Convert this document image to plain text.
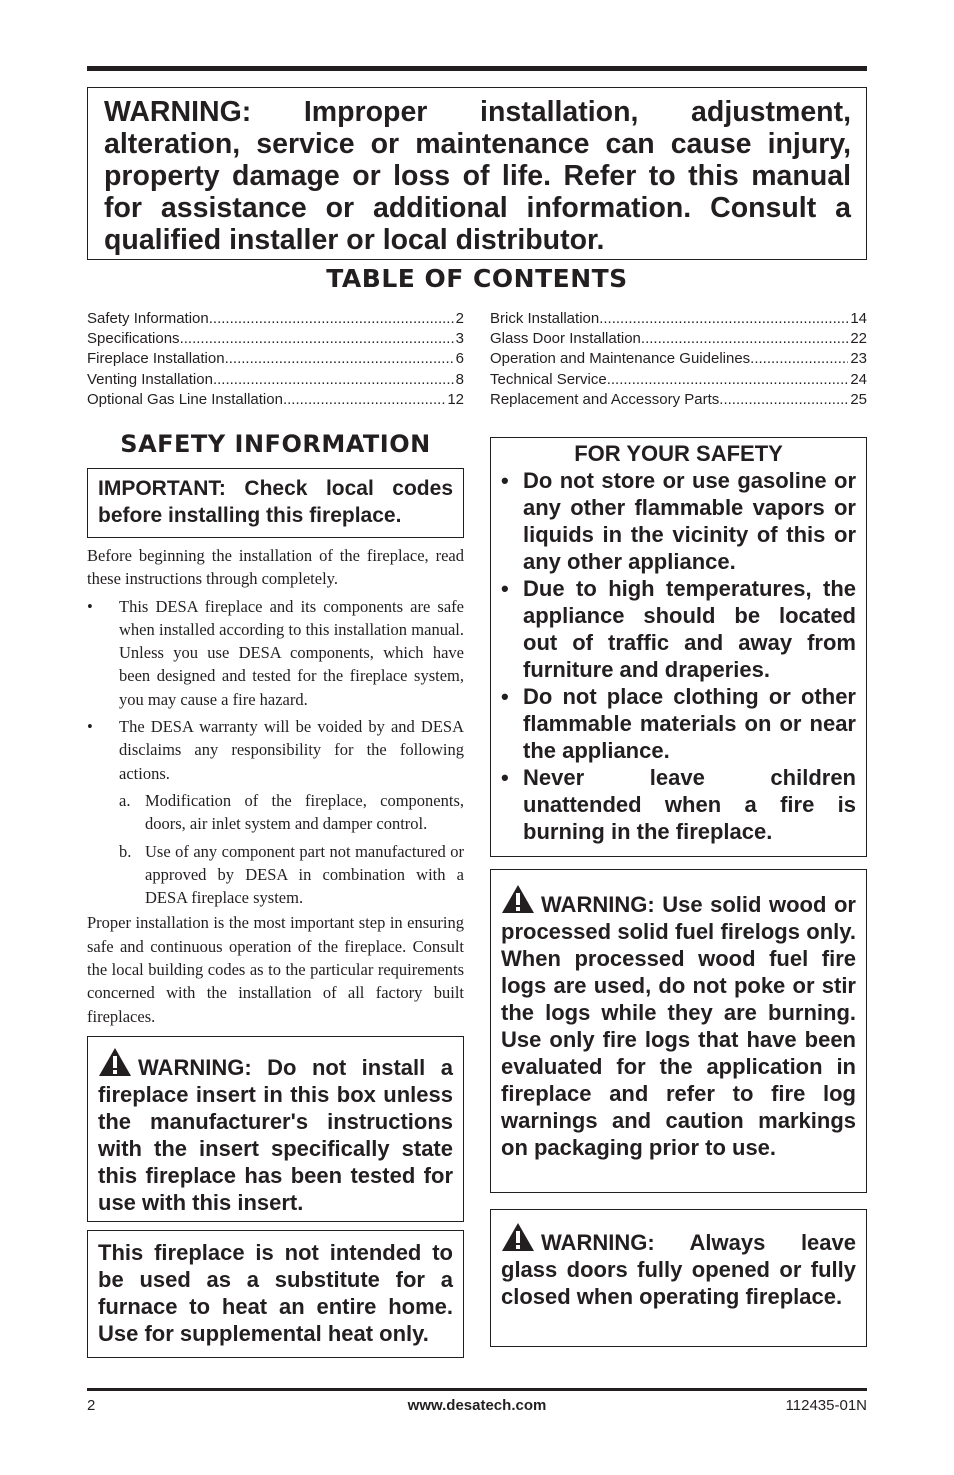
WARNING: Improper installation, adjustment, alteration, service or maintenance can cause injury, property damage or loss of life. Refer to this manual for assistance or additional information. Consult a qualified installer or local distributor.
TABLE OF CONTENTS
Safety Information .....	2
Specifications .....	3
Fireplace Installation .....	6
Venting Installation .....	8
Optional Gas Line Installation .....	12
Brick Installation .....	14
Glass Door Installation .....	22
Operation and Maintenance Guidelines .....	23
Technical Service .....	24
Replacement and Accessory Parts .....	25
SAFETY INFORMATION
IMPORTANT: Check local codes before installing this fireplace.

Before beginning the installation of the fireplace, read these instructions through completely.

• This DESA fireplace and its components are safe when installed according to this installation manual. Unless you use DESA components, which have been designed and tested for the fireplace system, you may cause a fire hazard.
• The DESA warranty will be voided by and DESA disclaims any responsibility for the following actions.
a. Modification of the fireplace, components, doors, air inlet system and damper control.
b. Use of any component part not manufactured or approved by DESA in combination with a DESA fireplace system.

Proper installation is the most important step in ensuring safe and continuous operation of the fireplace. Consult the local building codes as to the particular requirements concerned with the installation of all factory built fireplaces.

WARNING: Do not install a fireplace insert in this box unless the manufacturer's instructions with the insert specifically state this fireplace has been tested for use with this insert.
This fireplace is not intended to be used as a substitute for a furnace to heat an entire home. Use for supplemental heat only.
FOR YOUR SAFETY
• Do not store or use gasoline or any other flammable vapors or liquids in the vicinity of this or any other appliance.
• Due to high temperatures, the appliance should be located out of traffic and away from furniture and draperies.
• Do not place clothing or other flammable materials on or near the appliance.
• Never leave children unattended when a fire is burning in the fireplace.
WARNING: Use solid wood or processed solid fuel firelogs only. When processed wood fuel fire logs are used, do not poke or stir the logs while they are burning. Use only fire logs that have been evaluated for the application in fireplace and refer to fire log warnings and caution markings on packaging prior to use.
WARNING: Always leave glass doors fully opened or fully closed when operating fireplace.
2	www.desatech.com	112435-01N
